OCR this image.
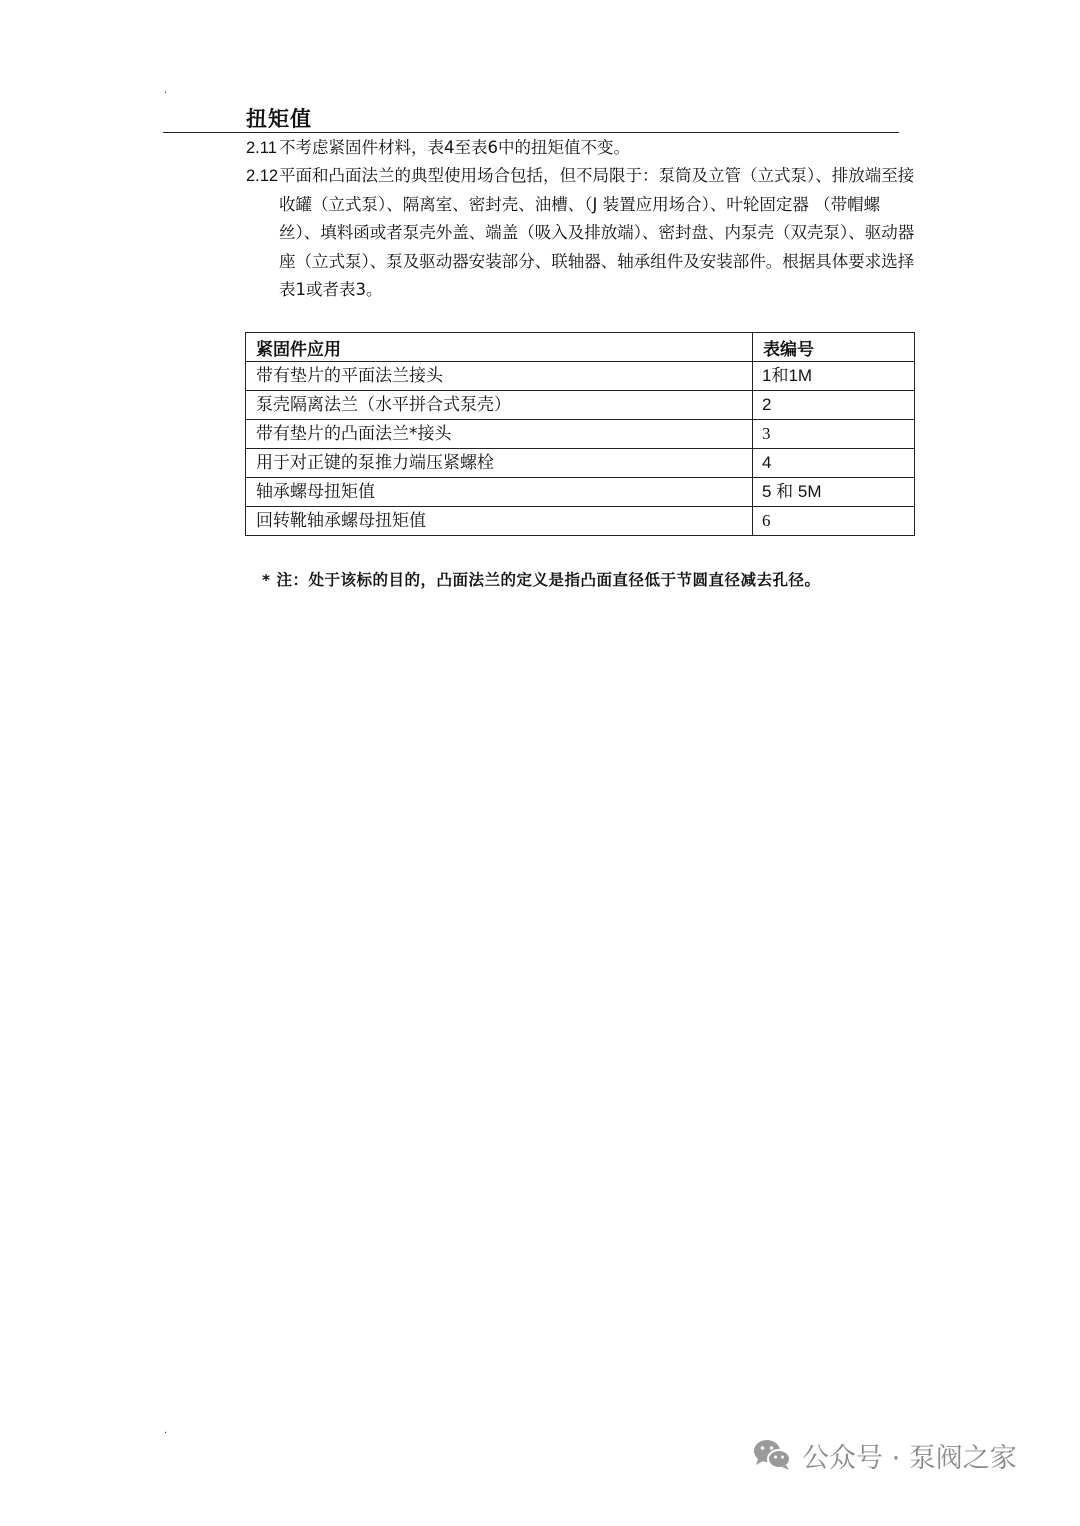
.
扭矩值
2.11 不考虑紧固件材料，表4至表6中的扭矩值不变。
2.12 平面和凸面法兰的典型使用场合包括，但不局限于：泵筒及立管（立式泵）、排放端至接收罐（立式泵）、隔离室、密封壳、油槽、（J 装置应用场合）、叶轮固定器 （带帽螺丝）、填料函或者泵壳外盖、端盖（吸入及排放端）、密封盘、内泵壳（双壳泵）、驱动器座（立式泵）、泵及驱动器安装部分、联轴器、轴承组件及安装部件。根据具体要求选择表1或者表3。
紧固件应用	表编号
带有垫片的平面法兰接头	1和1M
泵壳隔离法兰（水平拼合式泵壳）	2
带有垫片的凸面法兰*接头	3
用于对正键的泵推力端压紧螺栓	4
轴承螺母扭矩值	5 和 5M
回转靴轴承螺母扭矩值	6
* 注：处于该标的目的，凸面法兰的定义是指凸面直径低于节圆直径减去孔径。
.
公众号 · 泵阀之家
